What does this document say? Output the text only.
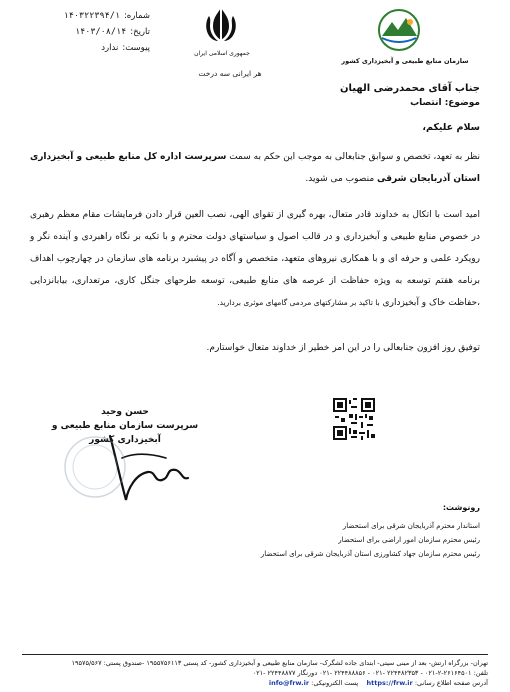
شماره:
۱۴۰۳۲۲۳۹۴/۱
تاریخ:
۱۴۰۳/۰۸/۱۴
پیوست:
ندارد
جمهوری اسلامی ایران
هر ایرانی سه درخت
سازمان منابع طبیعی و آبخیزداری کشور
جناب آقای محمدرضی الهیان
موضوع: انتصاب
سلام علیکم،
نظر به تعهد، تخصص و سوابق جنابعالی به موجب این حکم به سمت سرپرست اداره کل منابع طبیعی و آبخیزداری استان آذربایجان شرقی منصوب می شوید.
امید است با اتکال به خداوند قادر متعال، بهره گیری از تقوای الهی، نصب العین قرار دادن فرمایشات مقام معظم رهبری در خصوص منابع طبیعی و آبخیزداری و در قالب اصول و سیاستهای دولت محترم و با تکیه بر نگاه راهبردی و آینده نگر و رویکرد علمی و حرفه ای و با همکاری نیروهای متعهد، متخصص و آگاه در پیشبرد برنامه های سازمان در چهارچوب اهداف برنامه هفتم توسعه به ویژه حفاظت از عرصه های منابع طبیعی، توسعه طرحهای جنگل کاری، مرتعداری، بیابانزدایی ،حفاظت خاک و آبخیزداری با تاکید بر مشارکتهای مردمی گامهای موثری بردارید.
توفیق روز افزون جنابعالی را در این امر خطیر از خداوند متعال خواستارم.
حسن وحید
سرپرست سازمان منابع طبیعی و آبخیزداری کشور
رونوشت:
استاندار محترم آذربایجان شرقی برای استحضار
رئیس محترم سازمان امور اراضی برای استحضار
رئیس محترم سازمان جهاد کشاورزی استان آذربایجان شرقی برای استحضار
تهران- بزرگراه ارتش- بعد از مینی سیتی- ابتدای جاده لشگرک- سازمان منابع طبیعی و آبخیزداری کشور- کد پستی ۱۹۵۵۷۵۶۱۱۳ -صندوق پستی: ۱۹۵۷۵/۵۶۷
تلفن: ۲۶۱۶۴۵۰۱-۲-۰۲۱ - ۲۲۴۴۸۲۳۵۳ -۰۲۱ - ۲۲۴۴۸۸۸۵۶ -۰۲۱ دورنگار ۲۲۴۴۸۸۷۷ -۰۲۱
آدرس صفحه اطلاع رسانی: https://frw.ir    پست الکترونیکی: info@frw.ir
